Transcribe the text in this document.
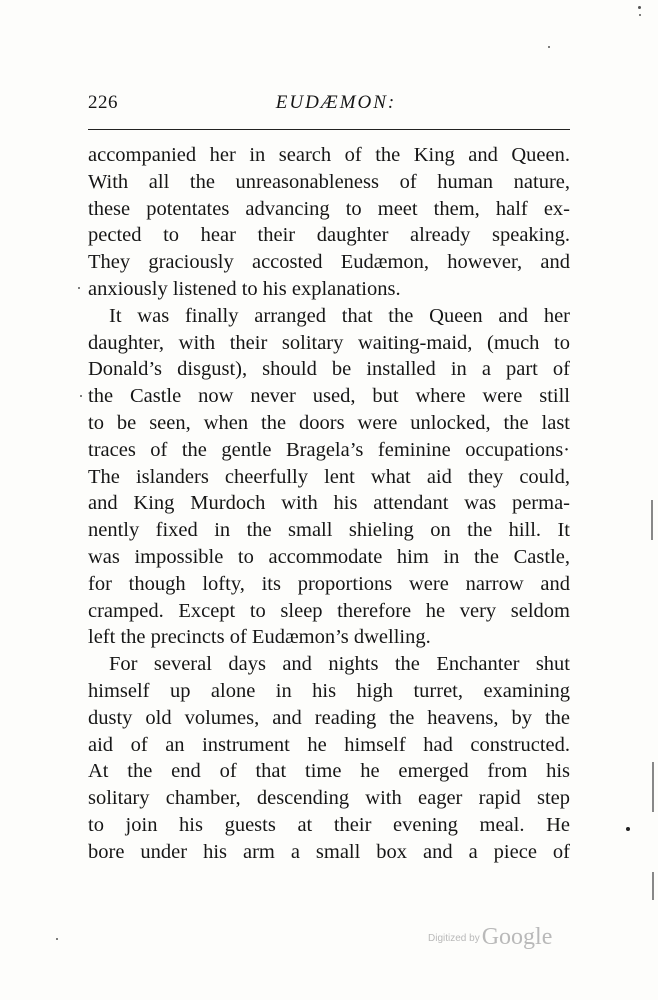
226	EUDÆMON:
accompanied her in search of the King and Queen.
With all the unreasonableness of human nature,
these potentates advancing to meet them, half ex-
pected to hear their daughter already speaking.
They graciously accosted Eudæmon, however, and
anxiously listened to his explanations.
It was finally arranged that the Queen and her
daughter, with their solitary waiting-maid, (much to
Donald’s disgust), should be installed in a part of
the Castle now never used, but where were still
to be seen, when the doors were unlocked, the last
traces of the gentle Bragela’s feminine occupations·
The islanders cheerfully lent what aid they could,
and King Murdoch with his attendant was perma-
nently fixed in the small shieling on the hill. It
was impossible to accommodate him in the Castle,
for though lofty, its proportions were narrow and
cramped. Except to sleep therefore he very seldom
left the precincts of Eudæmon’s dwelling.
For several days and nights the Enchanter shut
himself up alone in his high turret, examining
dusty old volumes, and reading the heavens, by the
aid of an instrument he himself had constructed.
At the end of that time he emerged from his
solitary chamber, descending with eager rapid step
to join his guests at their evening meal. He
bore under his arm a small box and a piece of
Digitized byGoogle
